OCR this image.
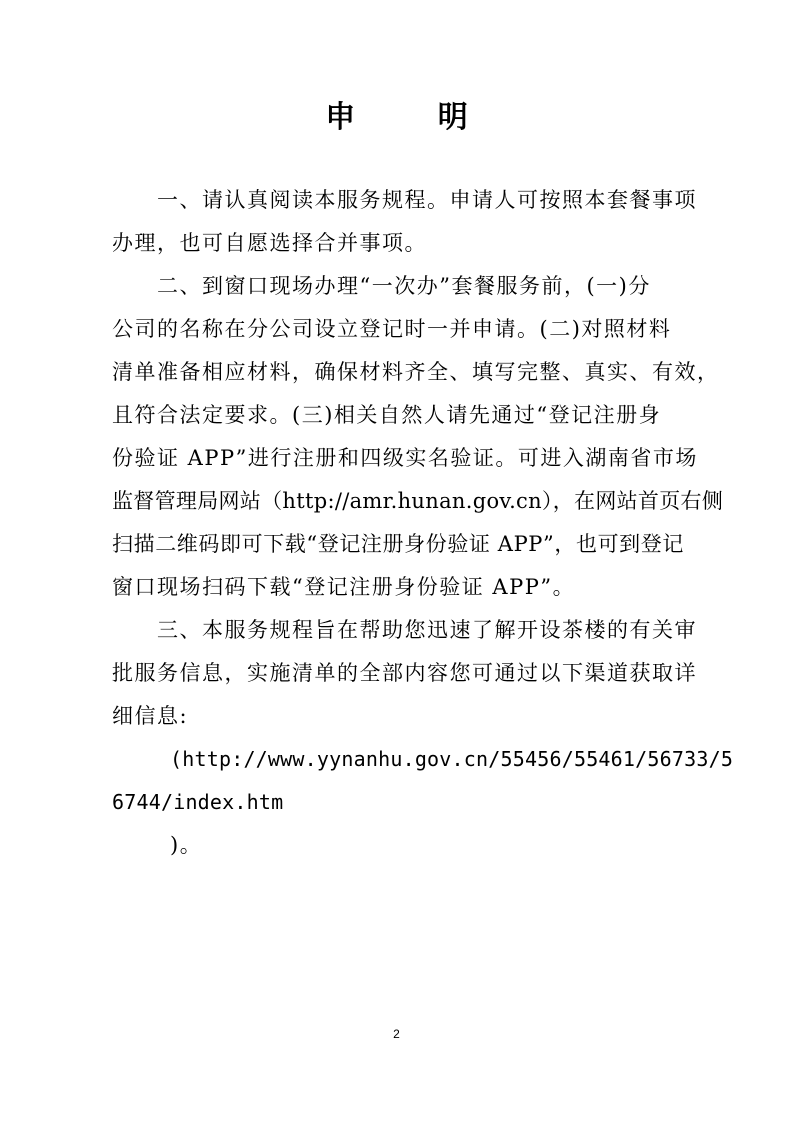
申 明
一、请认真阅读本服务规程。申请人可按照本套餐事项
办理，也可自愿选择合并事项。
二、到窗口现场办理“一次办”套餐服务前，(一)分
公司的名称在分公司设立登记时一并申请。(二)对照材料
清单准备相应材料，确保材料齐全、填写完整、真实、有效，
且符合法定要求。(三)相关自然人请先通过“登记注册身
份验证 APP”进行注册和四级实名验证。可进入湖南省市场
监督管理局网站（http://amr.hunan.gov.cn），在网站首页右侧
扫描二维码即可下载“登记注册身份验证 APP”，也可到登记
窗口现场扫码下载“登记注册身份验证 APP”。
三、本服务规程旨在帮助您迅速了解开设茶楼的有关审
批服务信息，实施清单的全部内容您可通过以下渠道获取详
细信息:
(http://www.yynanhu.gov.cn/55456/55461/56733/5
6744/index.htm
)。
2
